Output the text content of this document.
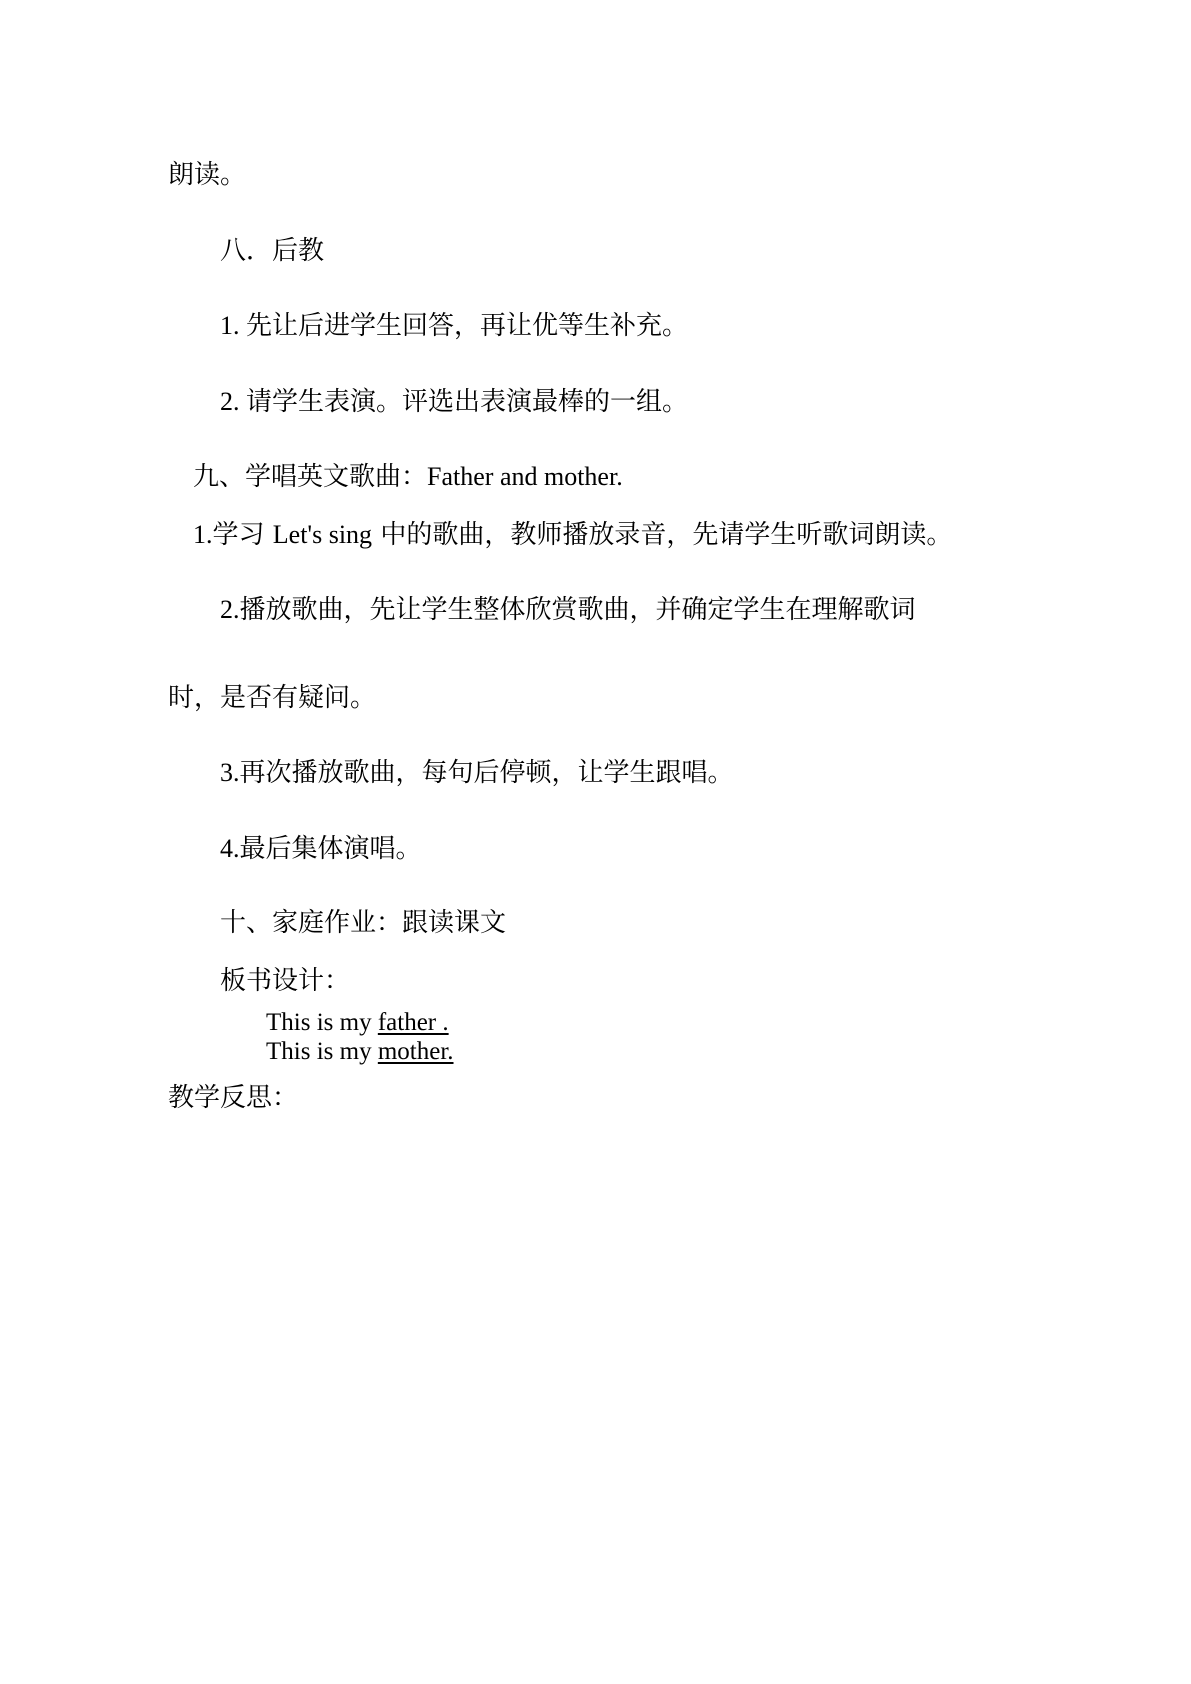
朗读。
八．后教
1. 先让后进学生回答，再让优等生补充。
2. 请学生表演。评选出表演最棒的一组。
九、学唱英文歌曲：Father and mother.
1.学习 Let's sing 中的歌曲，教师播放录音，先请学生听歌词朗读。
2.播放歌曲，先让学生整体欣赏歌曲，并确定学生在理解歌词
时，是否有疑问。
3.再次播放歌曲，每句后停顿，让学生跟唱。
4.最后集体演唱。
十、家庭作业：跟读课文
板书设计：
This is my father .
This is my mother.
教学反思：
